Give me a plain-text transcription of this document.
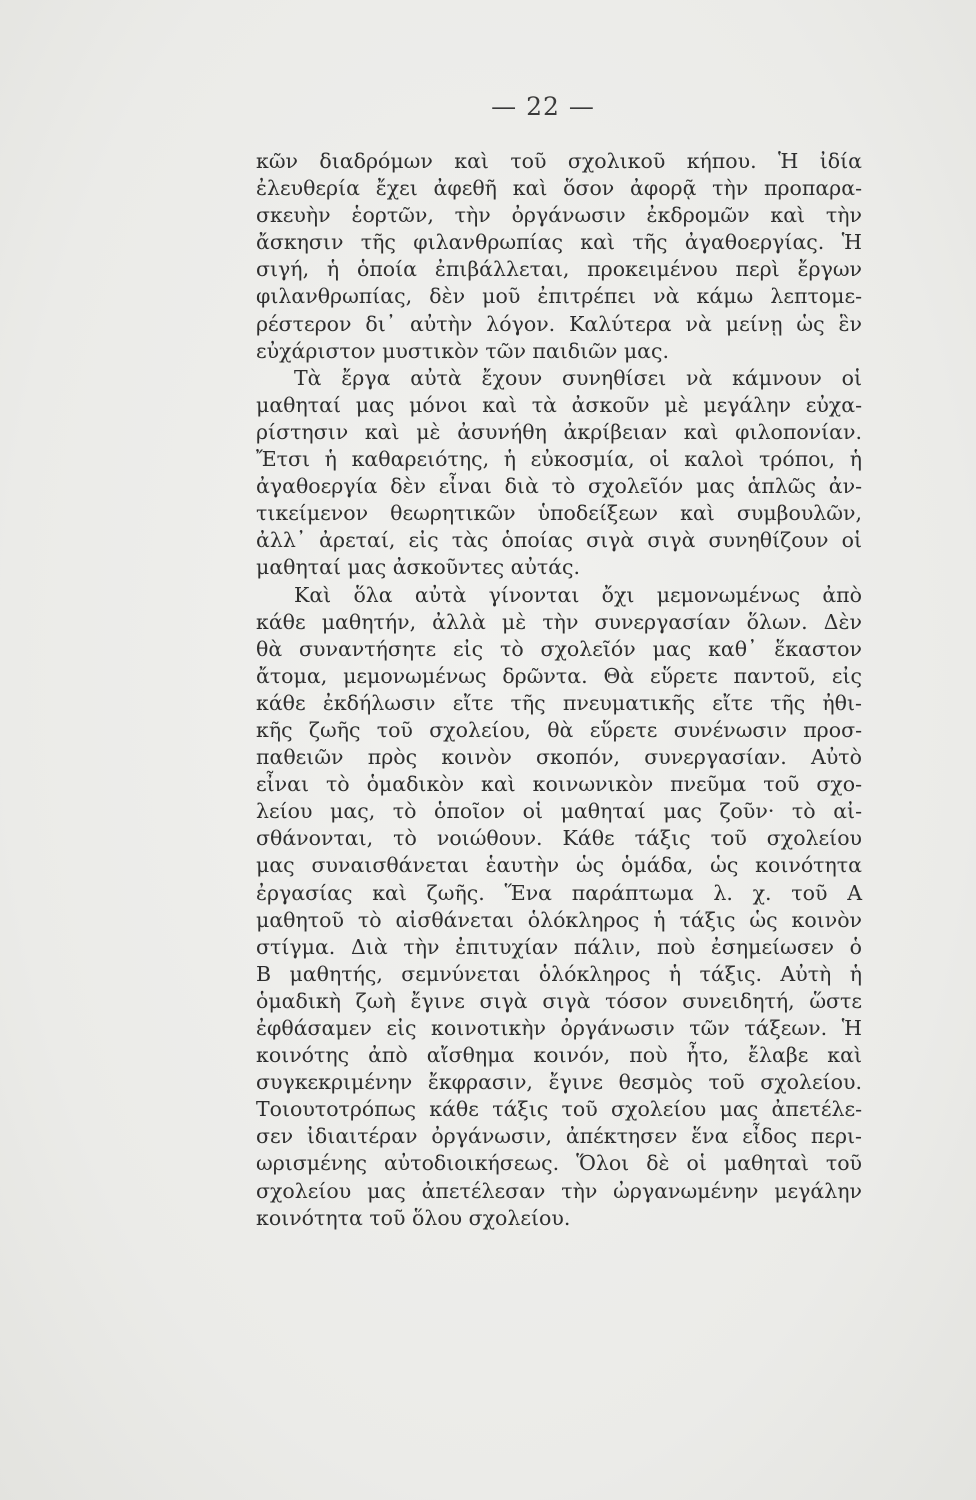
— 22 —
κῶν διαδρόμων καὶ τοῦ σχολικοῦ κήπου. Ἡ ἰδία
ἐλευθερία ἔχει ἀφεθῆ καὶ ὅσον ἀφορᾷ τὴν προπαρα-
σκευὴν ἑορτῶν, τὴν ὀργάνωσιν ἐκδρομῶν καὶ τὴν
ἄσκησιν τῆς φιλανθρωπίας καὶ τῆς ἀγαθοεργίας. Ἡ
σιγή, ἡ ὁποία ἐπιβάλλεται, προκειμένου περὶ ἔργων
φιλανθρωπίας, δὲν μοῦ ἐπιτρέπει νὰ κάμω λεπτομε-
ρέστερον δι᾿ αὐτὴν λόγον. Καλύτερα νὰ μείνῃ ὡς ἓν
εὐχάριστον μυστικὸν τῶν παιδιῶν μας.
Τὰ ἔργα αὐτὰ ἔχουν συνηθίσει νὰ κάμνουν οἱ
μαθηταί μας μόνοι καὶ τὰ ἀσκοῦν μὲ μεγάλην εὐχα-
ρίστησιν καὶ μὲ ἀσυνήθη ἀκρίβειαν καὶ φιλοπονίαν.
Ἔτσι ἡ καθαρειότης, ἡ εὐκοσμία, οἱ καλοὶ τρόποι, ἡ
ἀγαθοεργία δὲν εἶναι διὰ τὸ σχολεῖόν μας ἁπλῶς ἀν-
τικείμενον θεωρητικῶν ὑποδείξεων καὶ συμβουλῶν,
ἀλλ᾿ ἀρεταί, εἰς τὰς ὁποίας σιγὰ σιγὰ συνηθίζουν οἱ
μαθηταί μας ἀσκοῦντες αὐτάς.
Καὶ ὅλα αὐτὰ γίνονται ὄχι μεμονωμένως ἀπὸ
κάθε μαθητήν, ἀλλὰ μὲ τὴν συνεργασίαν ὅλων. Δὲν
θὰ συναντήσητε εἰς τὸ σχολεῖόν μας καθ᾿ ἕκαστον
ἄτομα, μεμονωμένως δρῶντα. Θὰ εὕρετε παντοῦ, εἰς
κάθε ἐκδήλωσιν εἴτε τῆς πνευματικῆς εἴτε τῆς ἠθι-
κῆς ζωῆς τοῦ σχολείου, θὰ εὕρετε συνένωσιν προσ-
παθειῶν πρὸς κοινὸν σκοπόν, συνεργασίαν. Αὐτὸ
εἶναι τὸ ὁμαδικὸν καὶ κοινωνικὸν πνεῦμα τοῦ σχο-
λείου μας, τὸ ὁποῖον οἱ μαθηταί μας ζοῦν· τὸ αἰ-
σθάνονται, τὸ νοιώθουν. Κάθε τάξις τοῦ σχολείου
μας συναισθάνεται ἑαυτὴν ὡς ὁμάδα, ὡς κοινότητα
ἐργασίας καὶ ζωῆς. Ἕνα παράπτωμα λ. χ. τοῦ Α
μαθητοῦ τὸ αἰσθάνεται ὁλόκληρος ἡ τάξις ὡς κοινὸν
στίγμα. Διὰ τὴν ἐπιτυχίαν πάλιν, ποὺ ἐσημείωσεν ὁ
Β μαθητής, σεμνύνεται ὁλόκληρος ἡ τάξις. Αὐτὴ ἡ
ὁμαδικὴ ζωὴ ἔγινε σιγὰ σιγὰ τόσον συνειδητή, ὥστε
ἐφθάσαμεν εἰς κοινοτικὴν ὀργάνωσιν τῶν τάξεων. Ἡ
κοινότης ἀπὸ αἴσθημα κοινόν, ποὺ ἦτο, ἔλαβε καὶ
συγκεκριμένην ἔκφρασιν, ἔγινε θεσμὸς τοῦ σχολείου.
Τοιουτοτρόπως κάθε τάξις τοῦ σχολείου μας ἀπετέλε-
σεν ἰδιαιτέραν ὀργάνωσιν, ἀπέκτησεν ἕνα εἶδος περι-
ωρισμένης αὐτοδιοικήσεως. Ὅλοι δὲ οἱ μαθηταὶ τοῦ
σχολείου μας ἀπετέλεσαν τὴν ὠργανωμένην μεγάλην
κοινότητα τοῦ ὅλου σχολείου.
